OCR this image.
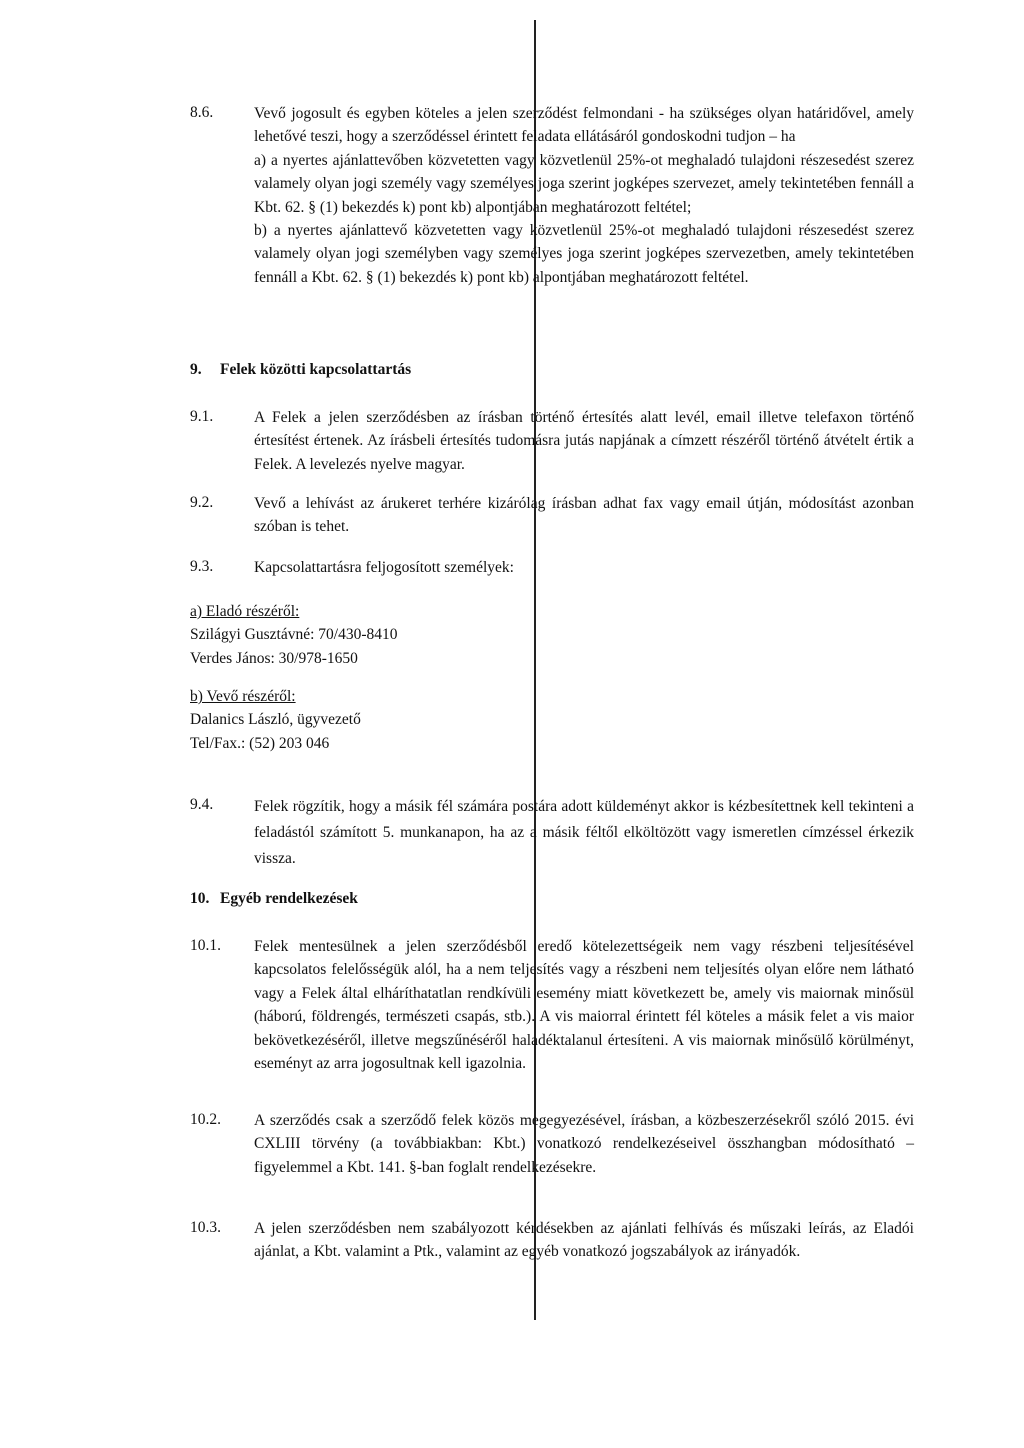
8.6.	Vevő jogosult és egyben köteles a jelen szerződést felmondani - ha szükséges olyan határidővel, amely lehetővé teszi, hogy a szerződéssel érintett feladata ellátásáról gondoskodni tudjon – ha
a) a nyertes ajánlattevőben közvetetten vagy közvetlenül 25%-ot meghaladó tulajdoni részesedést szerez valamely olyan jogi személy vagy személyes joga szerint jogképes szervezet, amely tekintetében fennáll a Kbt. 62. § (1) bekezdés k) pont kb) alpontjában meghatározott feltétel;
b) a nyertes ajánlattevő közvetetten vagy közvetlenül 25%-ot meghaladó tulajdoni részesedést szerez valamely olyan jogi személyben vagy személyes joga szerint jogképes szervezetben, amely tekintetében fennáll a Kbt. 62. § (1) bekezdés k) pont kb) alpontjában meghatározott feltétel.
9. Felek közötti kapcsolattartás
9.1.	A Felek a jelen szerződésben az írásban történő értesítés alatt levél, email illetve telefaxon történő értesítést értenek. Az írásbeli értesítés tudomásra jutás napjának a címzett részéről történő átvételt értik a Felek. A levelezés nyelve magyar.
9.2.	Vevő a lehívást az árukeret terhére kizárólag írásban adhat fax vagy email útján, módosítást azonban szóban is tehet.
9.3.	Kapcsolattartásra feljogosított személyek:
a) Eladó részéről:
Szilágyi Gusztávné: 70/430-8410
Verdes János: 30/978-1650
b) Vevő részéről:
Dalanics László, ügyvezető
Tel/Fax.: (52) 203 046
9.4.	Felek rögzítik, hogy a másik fél számára postára adott küldeményt akkor is kézbesítettnek kell tekinteni a feladástól számított 5. munkanapon, ha az a másik féltől elköltözött vagy ismeretlen címzéssel érkezik vissza.
10. Egyéb rendelkezések
10.1. Felek mentesülnek a jelen szerződésből eredő kötelezettségeik nem vagy részbeni teljesítésével kapcsolatos felelősségük alól, ha a nem teljesítés vagy a részbeni nem teljesítés olyan előre nem látható vagy a Felek által elháríthatatlan rendkívüli esemény miatt következett be, amely vis maiornak minősül (háború, földrengés, természeti csapás, stb.). A vis maiorral érintett fél köteles a másik felet a vis maior bekövetkezéséről, illetve megszűnéséről haladéktalanul értesíteni. A vis maiornak minősülő körülményt, eseményt az arra jogosultnak kell igazolnia.
10.2. A szerződés csak a szerződő felek közös megegyezésével, írásban, a közbeszerzésekről szóló 2015. évi CXLIII törvény (a továbbiakban: Kbt.) vonatkozó rendelkezéseivel összhangban módosítható – figyelemmel a Kbt. 141. §-ban foglalt rendelkezésekre.
10.3. A jelen szerződésben nem szabályozott kérdésekben az ajánlati felhívás és műszaki leírás, az Eladói ajánlat, a Kbt. valamint a Ptk., valamint az egyéb vonatkozó jogszabályok az irányadók.
